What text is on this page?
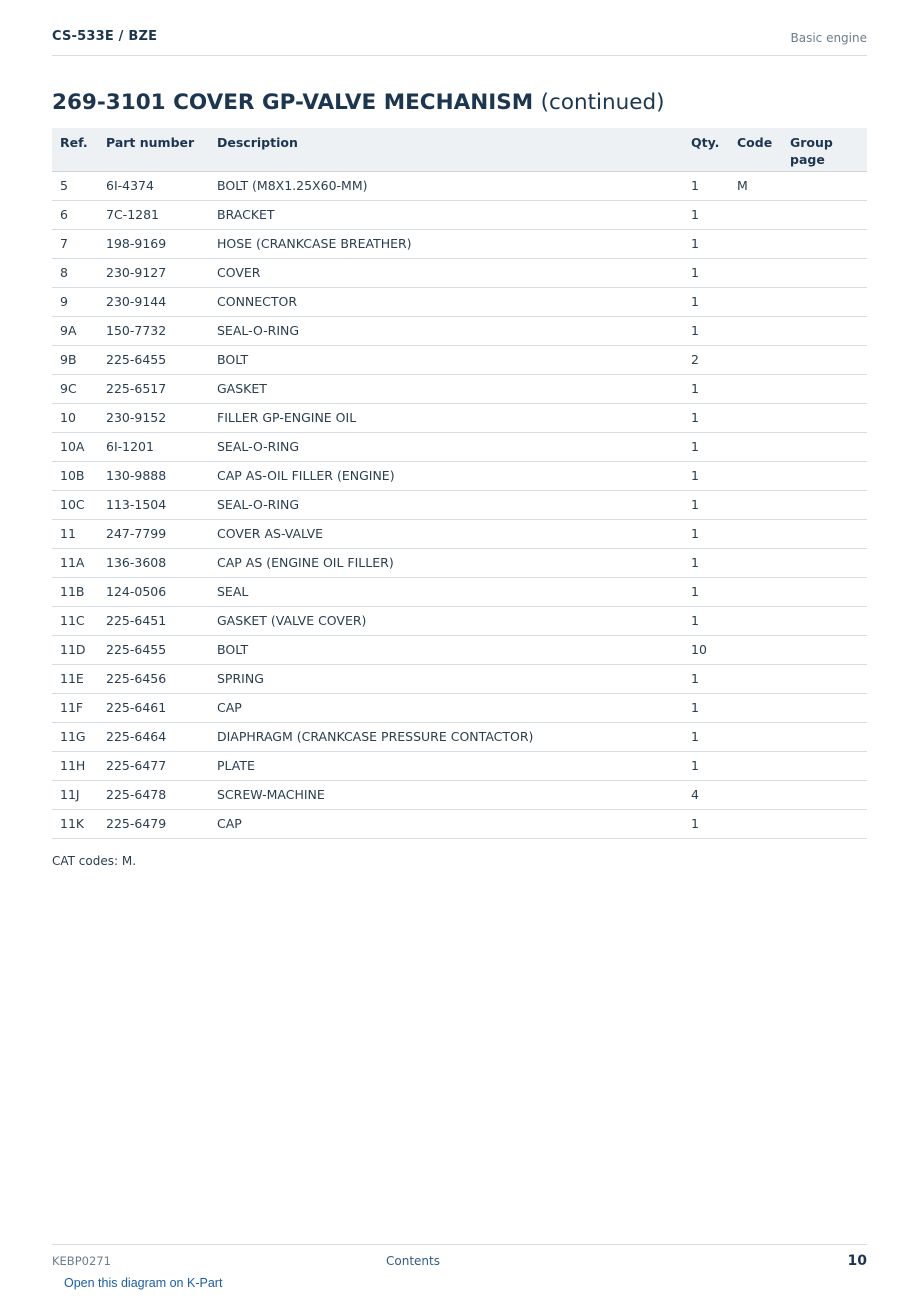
CS-533E / BZE	Basic engine
269-3101 COVER GP-VALVE MECHANISM (continued)
Ref.	Part number	Description	Qty.	Code	Group page
5	6I-4374	BOLT (M8X1.25X60-MM)	1	M	
6	7C-1281	BRACKET	1		
7	198-9169	HOSE (CRANKCASE BREATHER)	1		
8	230-9127	COVER	1		
9	230-9144	CONNECTOR	1		
9A	150-7732	SEAL-O-RING	1		
9B	225-6455	BOLT	2		
9C	225-6517	GASKET	1		
10	230-9152	FILLER GP-ENGINE OIL	1		
10A	6I-1201	SEAL-O-RING	1		
10B	130-9888	CAP AS-OIL FILLER (ENGINE)	1		
10C	113-1504	SEAL-O-RING	1		
11	247-7799	COVER AS-VALVE	1		
11A	136-3608	CAP AS (ENGINE OIL FILLER)	1		
11B	124-0506	SEAL	1		
11C	225-6451	GASKET (VALVE COVER)	1		
11D	225-6455	BOLT	10		
11E	225-6456	SPRING	1		
11F	225-6461	CAP	1		
11G	225-6464	DIAPHRAGM (CRANKCASE PRESSURE CONTACTOR)	1		
11H	225-6477	PLATE	1		
11J	225-6478	SCREW-MACHINE	4		
11K	225-6479	CAP	1		
CAT codes: M.
KEBP0271	Contents	10
Open this diagram on K-Part
